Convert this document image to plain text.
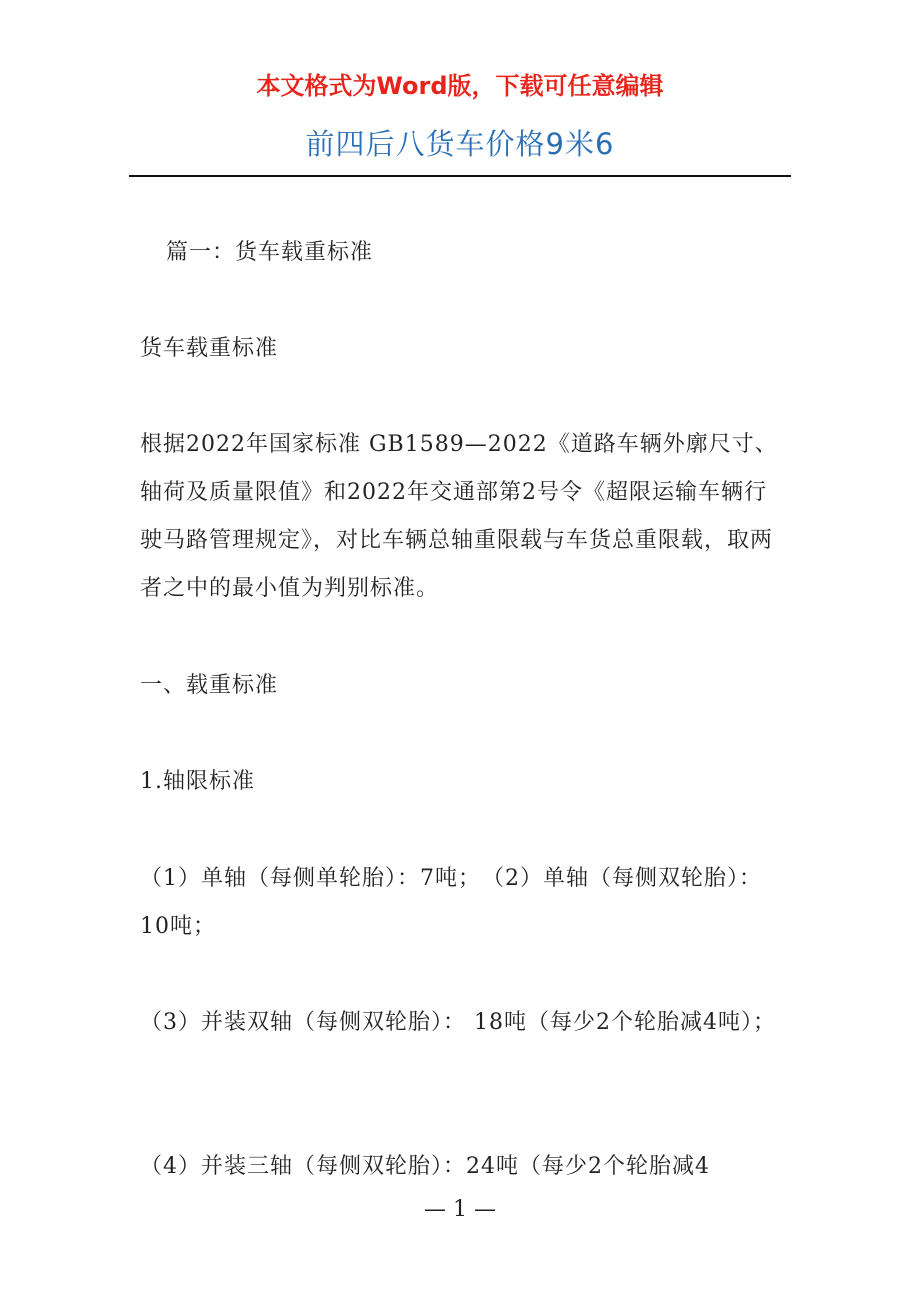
本文格式为Word版，下载可任意编辑
前四后八货车价格9米6

篇一：货车载重标准

货车载重标准

根据2022年国家标准 GB1589—2022《道路车辆外廓尺寸、轴荷及质量限值》和2022年交通部第2号令《超限运输车辆行驶马路管理规定》，对比车辆总轴重限载与车货总重限载，取两者之中的最小值为判别标准。

一、载重标准

1.轴限标准

（1）单轴（每侧单轮胎）：7吨；　（2）单轴（每侧双轮胎）：10吨；

（3）并装双轴（每侧双轮胎）： 18吨（每少2个轮胎减4吨）；

（4）并装三轴（每侧双轮胎）：24吨（每少2个轮胎减4

— 1 —
